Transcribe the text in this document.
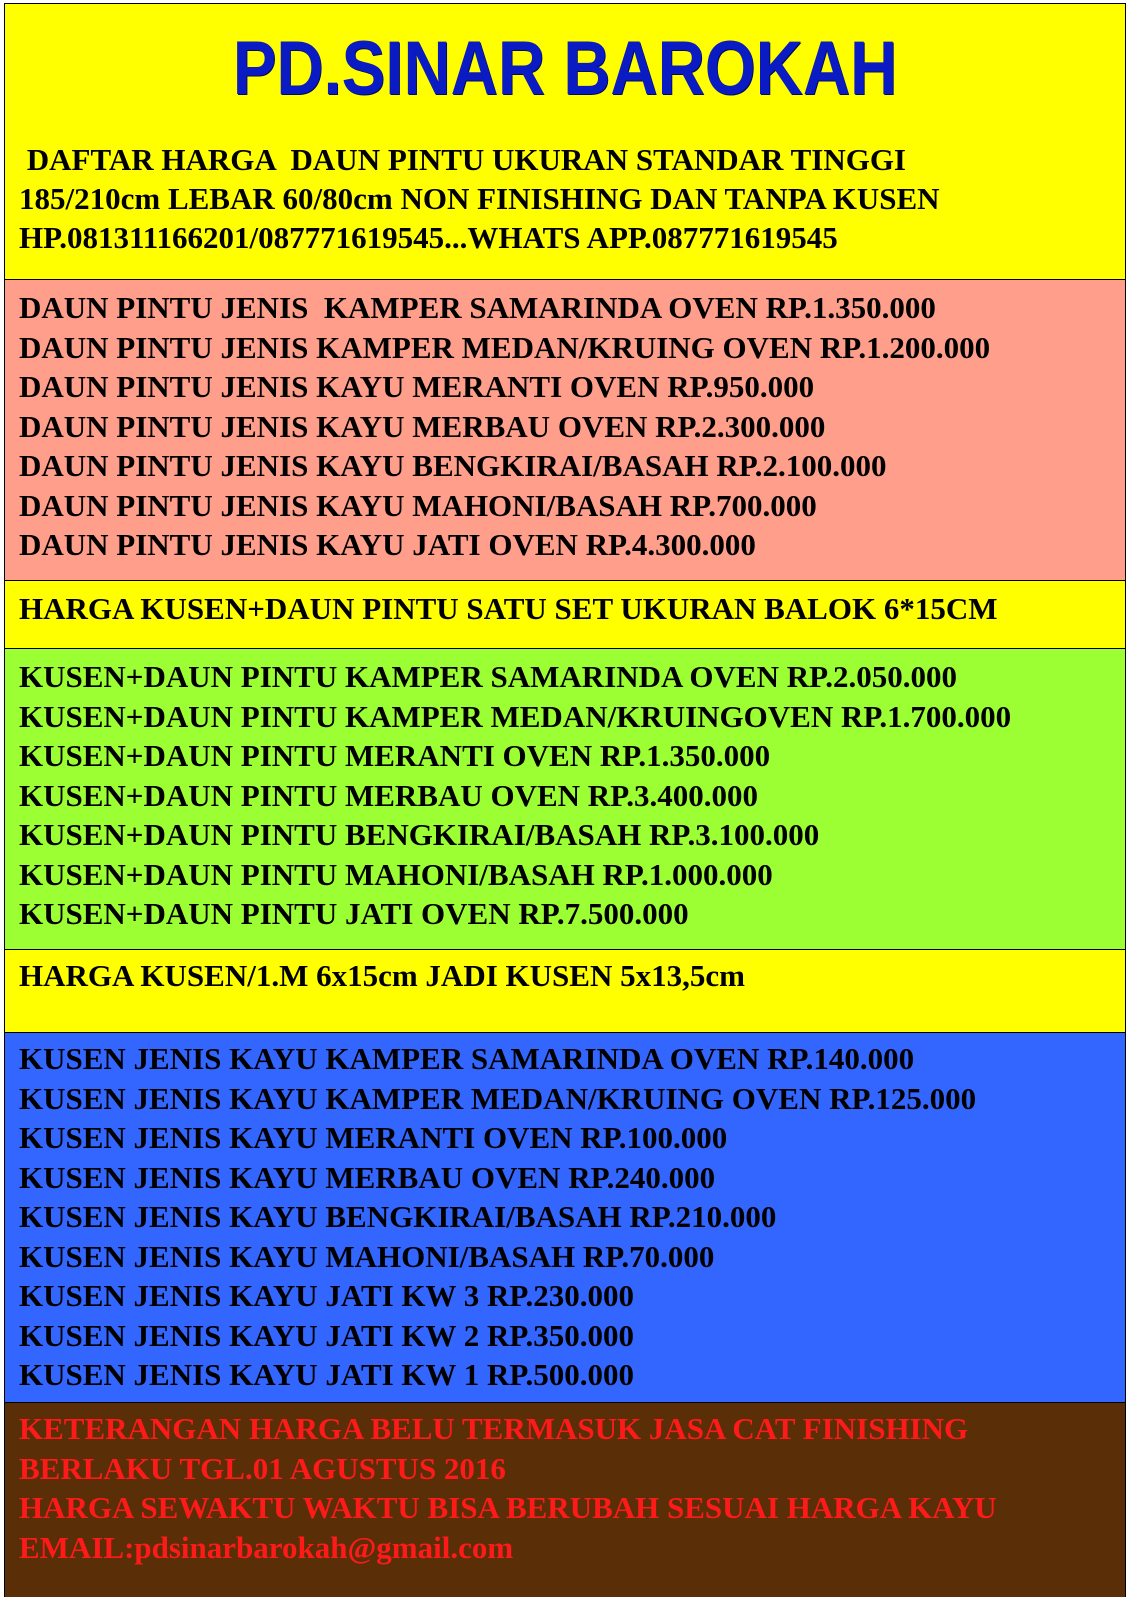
PD.SINAR BAROKAH
DAFTAR HARGA  DAUN PINTU UKURAN STANDAR TINGGI
185/210cm LEBAR 60/80cm NON FINISHING DAN TANPA KUSEN
HP.081311166201/087771619545...WHATS APP.087771619545
DAUN PINTU JENIS  KAMPER SAMARINDA OVEN RP.1.350.000
DAUN PINTU JENIS KAMPER MEDAN/KRUING OVEN RP.1.200.000
DAUN PINTU JENIS KAYU MERANTI OVEN RP.950.000
DAUN PINTU JENIS KAYU MERBAU OVEN RP.2.300.000
DAUN PINTU JENIS KAYU BENGKIRAI/BASAH RP.2.100.000
DAUN PINTU JENIS KAYU MAHONI/BASAH RP.700.000
DAUN PINTU JENIS KAYU JATI OVEN RP.4.300.000
HARGA KUSEN+DAUN PINTU SATU SET UKURAN BALOK 6*15CM
KUSEN+DAUN PINTU KAMPER SAMARINDA OVEN RP.2.050.000
KUSEN+DAUN PINTU KAMPER MEDAN/KRUINGOVEN RP.1.700.000
KUSEN+DAUN PINTU MERANTI OVEN RP.1.350.000
KUSEN+DAUN PINTU MERBAU OVEN RP.3.400.000
KUSEN+DAUN PINTU BENGKIRAI/BASAH RP.3.100.000
KUSEN+DAUN PINTU MAHONI/BASAH RP.1.000.000
KUSEN+DAUN PINTU JATI OVEN RP.7.500.000
HARGA KUSEN/1.M 6x15cm JADI KUSEN 5x13,5cm
KUSEN JENIS KAYU KAMPER SAMARINDA OVEN RP.140.000
KUSEN JENIS KAYU KAMPER MEDAN/KRUING OVEN RP.125.000
KUSEN JENIS KAYU MERANTI OVEN RP.100.000
KUSEN JENIS KAYU MERBAU OVEN RP.240.000
KUSEN JENIS KAYU BENGKIRAI/BASAH RP.210.000
KUSEN JENIS KAYU MAHONI/BASAH RP.70.000
KUSEN JENIS KAYU JATI KW 3 RP.230.000
KUSEN JENIS KAYU JATI KW 2 RP.350.000
KUSEN JENIS KAYU JATI KW 1 RP.500.000
KETERANGAN HARGA BELU TERMASUK JASA CAT FINISHING
BERLAKU TGL.01 AGUSTUS 2016
HARGA SEWAKTU WAKTU BISA BERUBAH SESUAI HARGA KAYU
EMAIL:pdsinarbarokah@gmail.com
